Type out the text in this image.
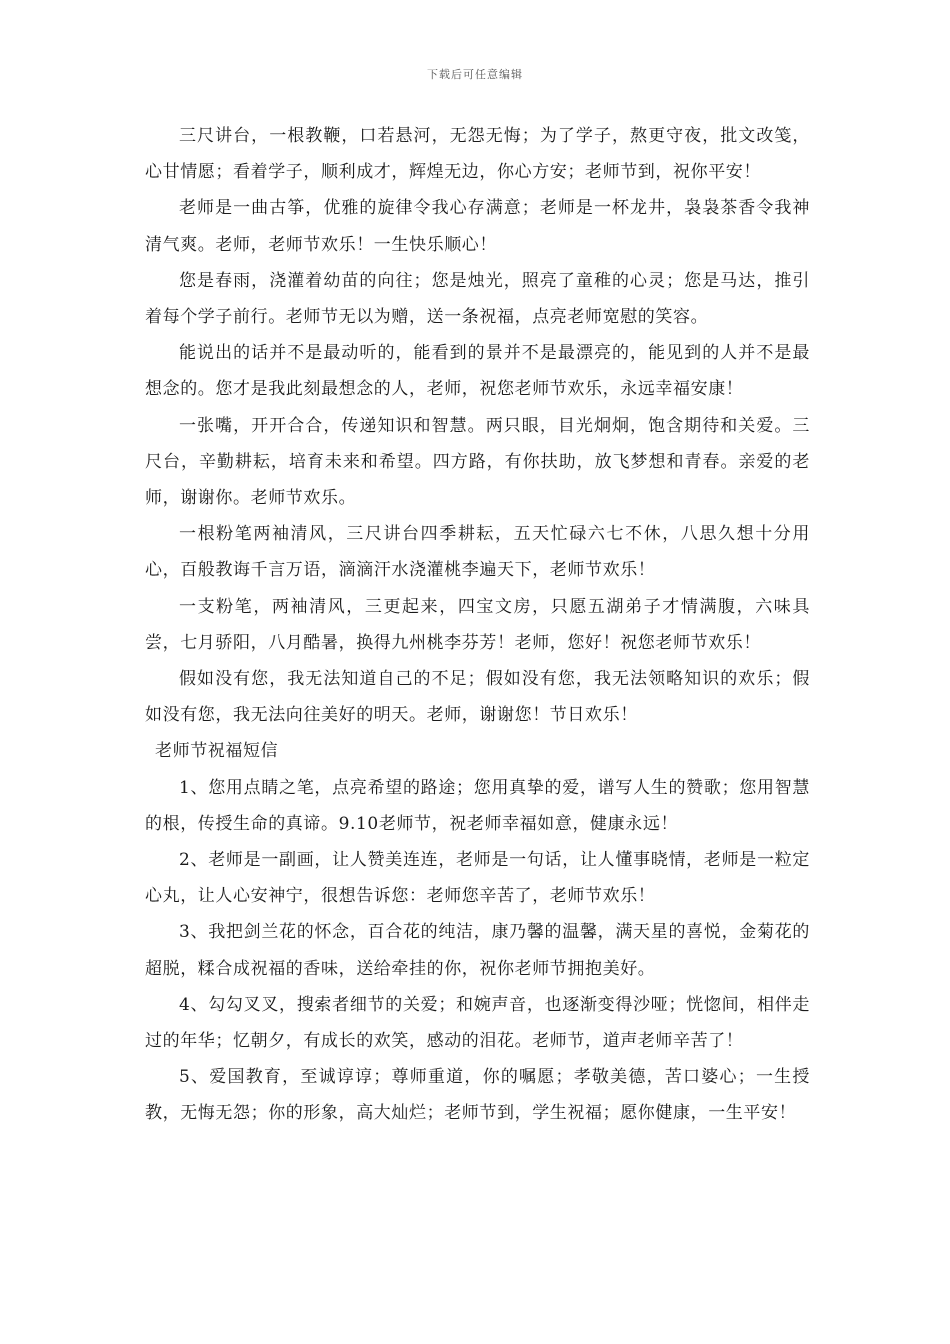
下载后可任意编辑

三尺讲台，一根教鞭，口若悬河，无怨无悔；为了学子，熬更守夜，批文改笺，心甘情愿；看着学子，顺利成才，辉煌无边，你心方安；老师节到，祝你平安！

老师是一曲古筝，优雅的旋律令我心存满意；老师是一杯龙井，袅袅茶香令我神清气爽。老师，老师节欢乐！一生快乐顺心！

您是春雨，浇灌着幼苗的向往；您是烛光，照亮了童稚的心灵；您是马达，推引着每个学子前行。老师节无以为赠，送一条祝福，点亮老师宽慰的笑容。

能说出的话并不是最动听的，能看到的景并不是最漂亮的，能见到的人并不是最想念的。您才是我此刻最想念的人，老师，祝您老师节欢乐，永远幸福安康！

一张嘴，开开合合，传递知识和智慧。两只眼，目光炯炯，饱含期待和关爱。三尺台，辛勤耕耘，培育未来和希望。四方路，有你扶助，放飞梦想和青春。亲爱的老师，谢谢你。老师节欢乐。

一根粉笔两袖清风，三尺讲台四季耕耘，五天忙碌六七不休，八思久想十分用心，百般教诲千言万语，滴滴汗水浇灌桃李遍天下，老师节欢乐！

一支粉笔，两袖清风，三更起来，四宝文房，只愿五湖弟子才情满腹，六味具尝，七月骄阳，八月酷暑，换得九州桃李芬芳！老师，您好！祝您老师节欢乐！

假如没有您，我无法知道自己的不足；假如没有您，我无法领略知识的欢乐；假如没有您，我无法向往美好的明天。老师，谢谢您！节日欢乐！

老师节祝福短信

1、您用点睛之笔，点亮希望的路途；您用真挚的爱，谱写人生的赞歌；您用智慧的根，传授生命的真谛。9.10老师节，祝老师幸福如意，健康永远！

2、老师是一副画，让人赞美连连，老师是一句话，让人懂事晓情，老师是一粒定心丸，让人心安神宁，很想告诉您：老师您辛苦了，老师节欢乐！

3、我把剑兰花的怀念，百合花的纯洁，康乃馨的温馨，满天星的喜悦，金菊花的超脱，糅合成祝福的香味，送给牵挂的你，祝你老师节拥抱美好。

4、勾勾叉叉，搜索者细节的关爱；和婉声音，也逐渐变得沙哑；恍惚间，相伴走过的年华；忆朝夕，有成长的欢笑，感动的泪花。老师节，道声老师辛苦了！

5、爱国教育，至诚谆谆；尊师重道，你的嘱愿；孝敬美德，苦口婆心；一生授教，无悔无怨；你的形象，高大灿烂；老师节到，学生祝福；愿你健康，一生平安！
